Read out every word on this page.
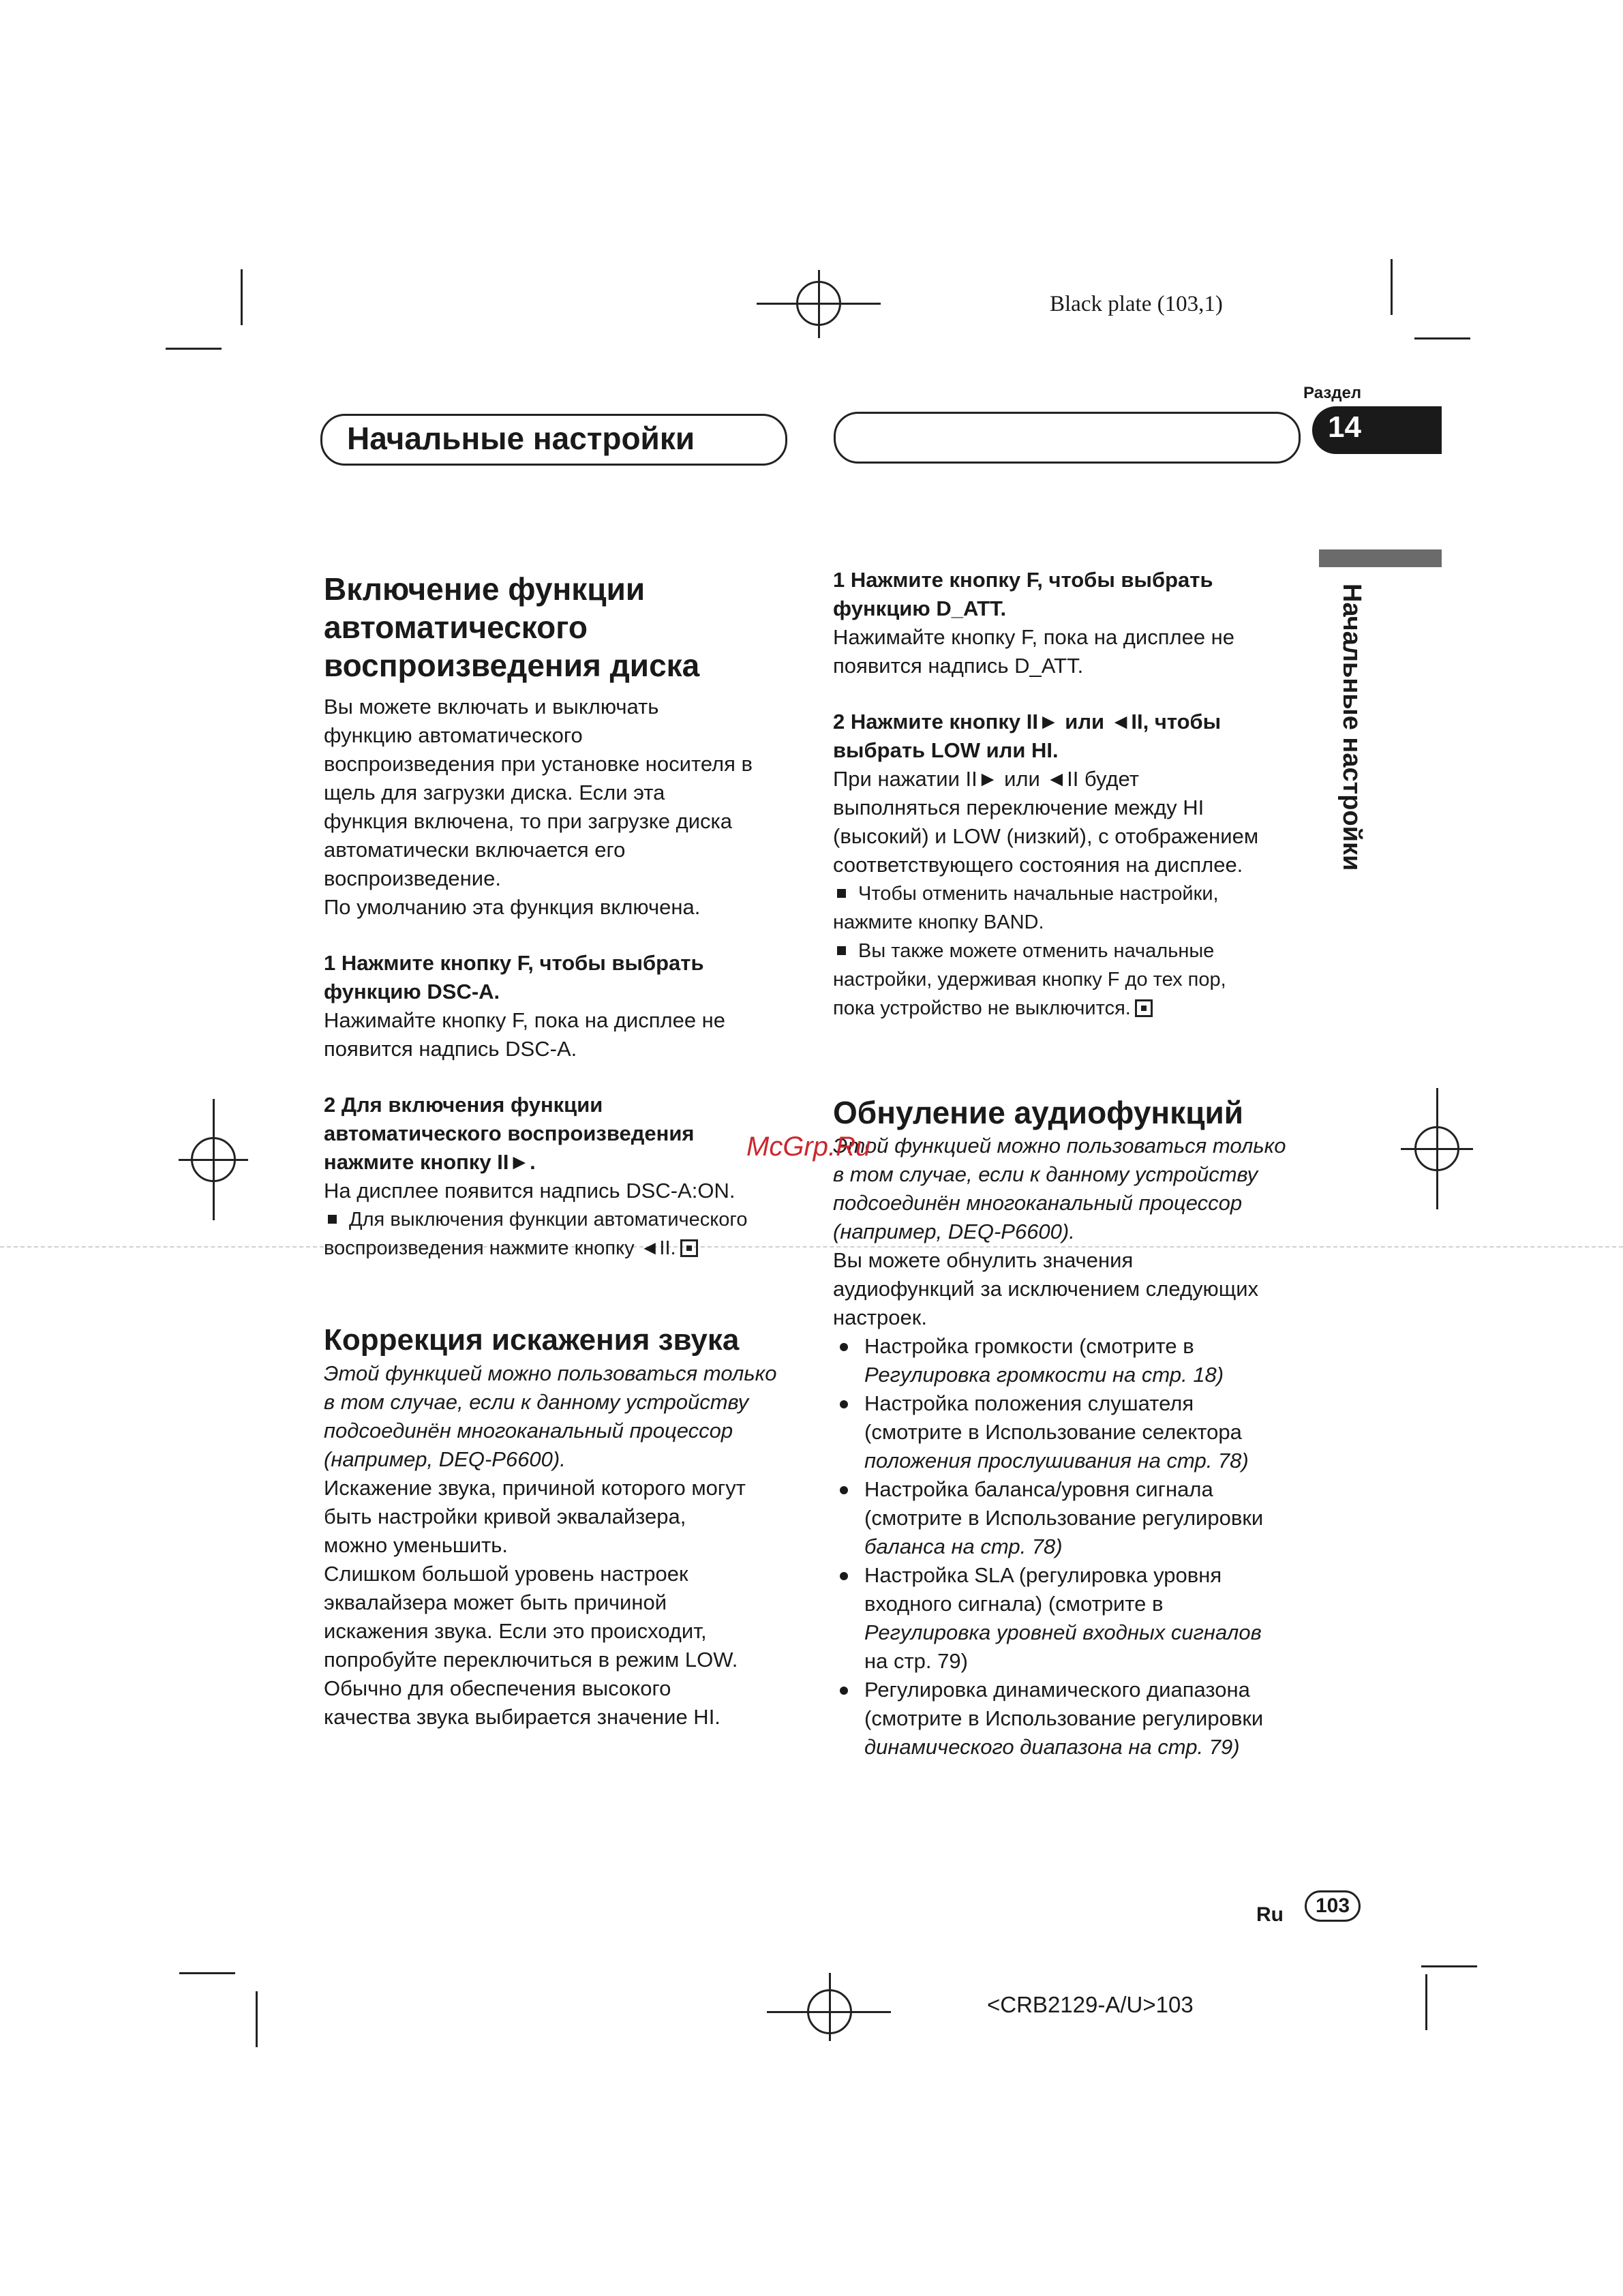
Black plate (103,1)
Начальные настройки
Раздел
14
Начальные настройки
Включение функции
автоматического
воспроизведения диска

Вы можете включать и выключать

функцию автоматического

воспроизведения при установке носителя в

щель для загрузки диска. Если эта

функция включена, то при загрузке диска

автоматически включается его

воспроизведение.

По умолчанию эта функция включена.

1 Нажмите кнопку F, чтобы выбрать

функцию DSC-A.

Нажимайте кнопку F, пока на дисплее не

появится надпись DSC-A.

2 Для включения функции

автоматического воспроизведения

нажмите кнопку II►.

На дисплее появится надпись DSC-A:ON.

Для выключения функции автоматического

воспроизведения нажмите кнопку ◄II.

Коррекция искажения звука

Этой функцией можно пользоваться только

в том случае, если к данному устройству

подсоединён многоканальный процессор

(например, DEQ-P6600).

Искажение звука, причиной которого могут

быть настройки кривой эквалайзера,

можно уменьшить.

Слишком большой уровень настроек

эквалайзера может быть причиной

искажения звука. Если это происходит,

попробуйте переключиться в режим LOW.

Обычно для обеспечения высокого

качества звука выбирается значение HI.

1 Нажмите кнопку F, чтобы выбрать

функцию D_ATT.

Нажимайте кнопку F, пока на дисплее не

появится надпись D_ATT.

2 Нажмите кнопку II► или ◄II, чтобы

выбрать LOW или HI.

При нажатии II► или ◄II будет

выполняться переключение между HI

(высокий) и LOW (низкий), с отображением

соответствующего состояния на дисплее.

Чтобы отменить начальные настройки,

нажмите кнопку BAND.

Вы также можете отменить начальные

настройки, удерживая кнопку F до тех пор,

пока устройство не выключится.

Обнуление аудиофункций

Этой функцией можно пользоваться только

в том случае, если к данному устройству

подсоединён многоканальный процессор

(например, DEQ-P6600).

Вы можете обнулить значения

аудиофункций за исключением следующих

настроек.

Настройка громкости (смотрите в

Регулировка громкости на стр. 18)

Настройка положения слушателя

(смотрите в Использование селектора

положения прослушивания на стр. 78)

Настройка баланса/уровня сигнала

(смотрите в Использование регулировки

баланса на стр. 78)

Настройка SLA (регулировка уровня

входного сигнала) (смотрите в

Регулировка уровней входных сигналов

на стр. 79)

Регулировка динамического диапазона

(смотрите в Использование регулировки

динамического диапазона на стр. 79)

McGrp.Ru
Ru	103
<CRB2129-A/U>103
